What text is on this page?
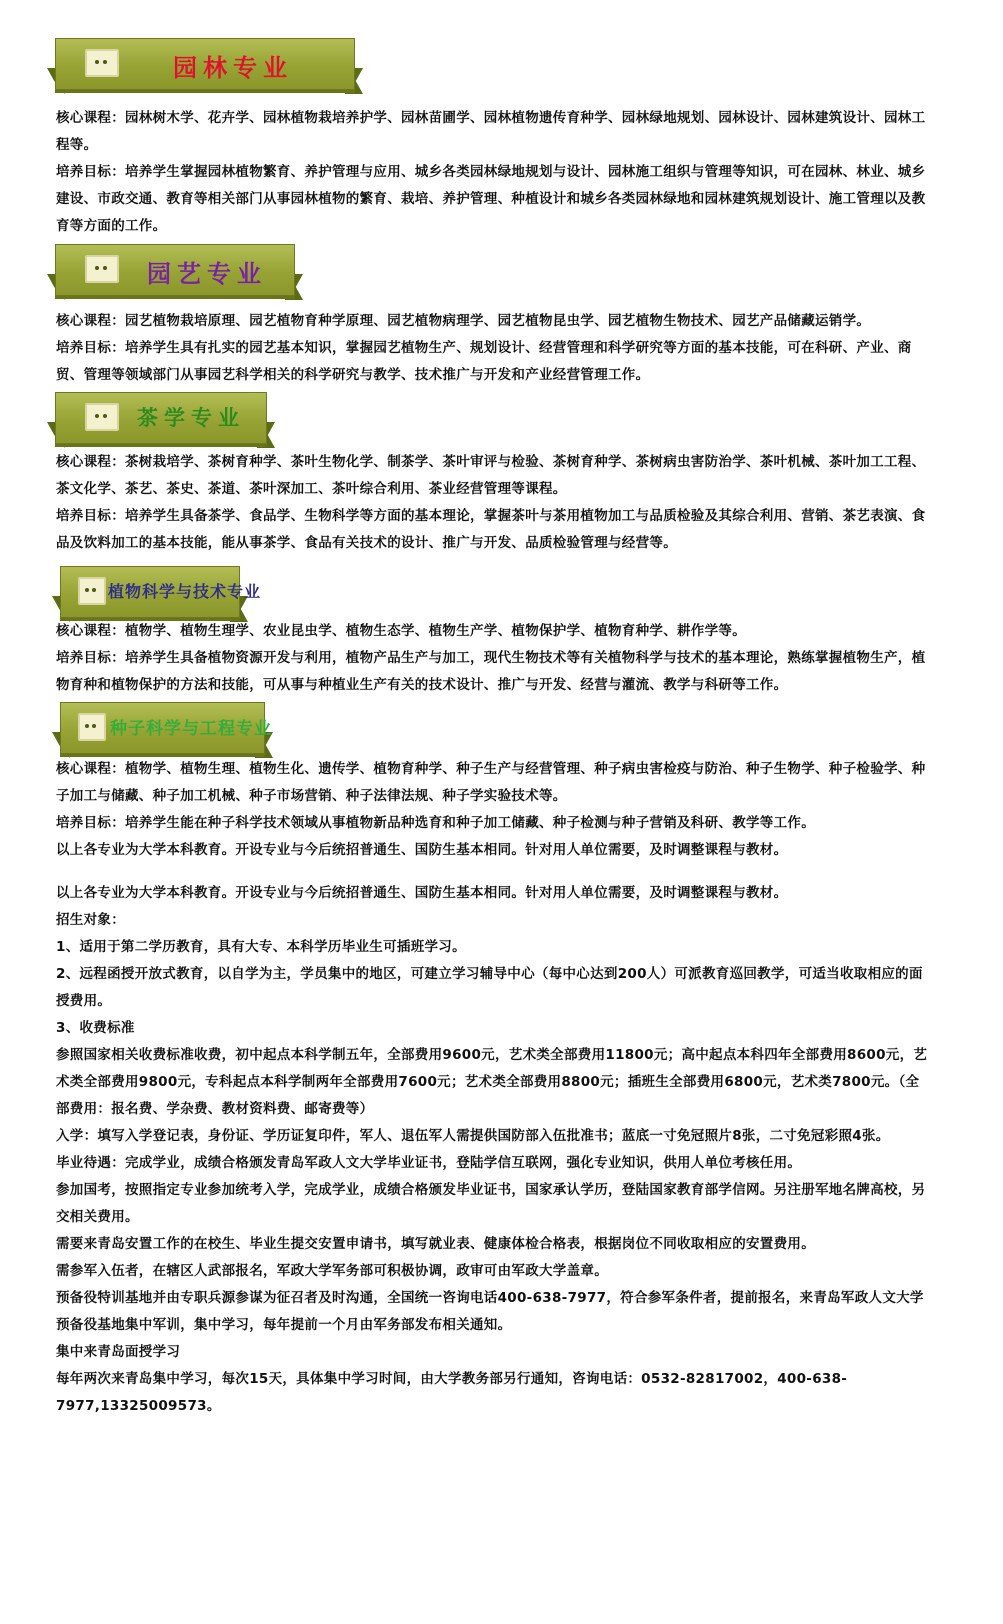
园林专业

核心课程：园林树木学、花卉学、园林植物栽培养护学、园林苗圃学、园林植物遗传育种学、园林绿地规划、园林设计、园林建筑设计、园林工程等。

培养目标：培养学生掌握园林植物繁育、养护管理与应用、城乡各类园林绿地规划与设计、园林施工组织与管理等知识，可在园林、林业、城乡建设、市政交通、教育等相关部门从事园林植物的繁育、栽培、养护管理、种植设计和城乡各类园林绿地和园林建筑规划设计、施工管理以及教育等方面的工作。

园艺专业

核心课程：园艺植物栽培原理、园艺植物育种学原理、园艺植物病理学、园艺植物昆虫学、园艺植物生物技术、园艺产品储藏运销学。

培养目标：培养学生具有扎实的园艺基本知识，掌握园艺植物生产、规划设计、经营管理和科学研究等方面的基本技能，可在科研、产业、商贸、管理等领域部门从事园艺科学相关的科学研究与教学、技术推广与开发和产业经营管理工作。

茶学专业

核心课程：茶树栽培学、茶树育种学、茶叶生物化学、制茶学、茶叶审评与检验、茶树育种学、茶树病虫害防治学、茶叶机械、茶叶加工工程、茶文化学、茶艺、茶史、茶道、茶叶深加工、茶叶综合利用、茶业经营管理等课程。

培养目标：培养学生具备茶学、食品学、生物科学等方面的基本理论，掌握茶叶与茶用植物加工与品质检验及其综合利用、营销、茶艺表演、食品及饮料加工的基本技能，能从事茶学、食品有关技术的设计、推广与开发、品质检验管理与经营等。

植物科学与技术专业

核心课程：植物学、植物生理学、农业昆虫学、植物生态学、植物生产学、植物保护学、植物育种学、耕作学等。

培养目标：培养学生具备植物资源开发与利用，植物产品生产与加工，现代生物技术等有关植物科学与技术的基本理论，熟练掌握植物生产，植物育种和植物保护的方法和技能，可从事与种植业生产有关的技术设计、推广与开发、经营与灌流、教学与科研等工作。

种子科学与工程专业

核心课程：植物学、植物生理、植物生化、遗传学、植物育种学、种子生产与经营管理、种子病虫害检疫与防治、种子生物学、种子检验学、种子加工与储藏、种子加工机械、种子市场营销、种子法律法规、种子学实验技术等。

培养目标：培养学生能在种子科学技术领域从事植物新品种选育和种子加工储藏、种子检测与种子营销及科研、教学等工作。

以上各专业为大学本科教育。开设专业与今后统招普通生、国防生基本相同。针对用人单位需要，及时调整课程与教材。

以上各专业为大学本科教育。开设专业与今后统招普通生、国防生基本相同。针对用人单位需要，及时调整课程与教材。

招生对象：

1、适用于第二学历教育，具有大专、本科学历毕业生可插班学习。

2、远程函授开放式教育，以自学为主，学员集中的地区，可建立学习辅导中心（每中心达到200人）可派教育巡回教学，可适当收取相应的面授费用。

3、收费标准

参照国家相关收费标准收费，初中起点本科学制五年，全部费用9600元，艺术类全部费用11800元；高中起点本科四年全部费用8600元，艺术类全部费用9800元，专科起点本科学制两年全部费用7600元；艺术类全部费用8800元；插班生全部费用6800元，艺术类7800元。（全部费用：报名费、学杂费、教材资料费、邮寄费等）

入学：填写入学登记表，身份证、学历证复印件，军人、退伍军人需提供国防部入伍批准书；蓝底一寸免冠照片8张，二寸免冠彩照4张。

毕业待遇：完成学业，成绩合格颁发青岛军政人文大学毕业证书，登陆学信互联网，强化专业知识，供用人单位考核任用。

参加国考，按照指定专业参加统考入学，完成学业，成绩合格颁发毕业证书，国家承认学历，登陆国家教育部学信网。另注册军地名牌高校，另交相关费用。

需要来青岛安置工作的在校生、毕业生提交安置申请书，填写就业表、健康体检合格表，根据岗位不同收取相应的安置费用。

需参军入伍者，在辖区人武部报名，军政大学军务部可积极协调，政审可由军政大学盖章。

预备役特训基地并由专职兵源参谋为征召者及时沟通，全国统一咨询电话400-638-7977，符合参军条件者，提前报名，来青岛军政人文大学预备役基地集中军训，集中学习，每年提前一个月由军务部发布相关通知。

集中来青岛面授学习

每年两次来青岛集中学习，每次15天，具体集中学习时间，由大学教务部另行通知，咨询电话：0532-82817002，400-638-7977,13325009573。
